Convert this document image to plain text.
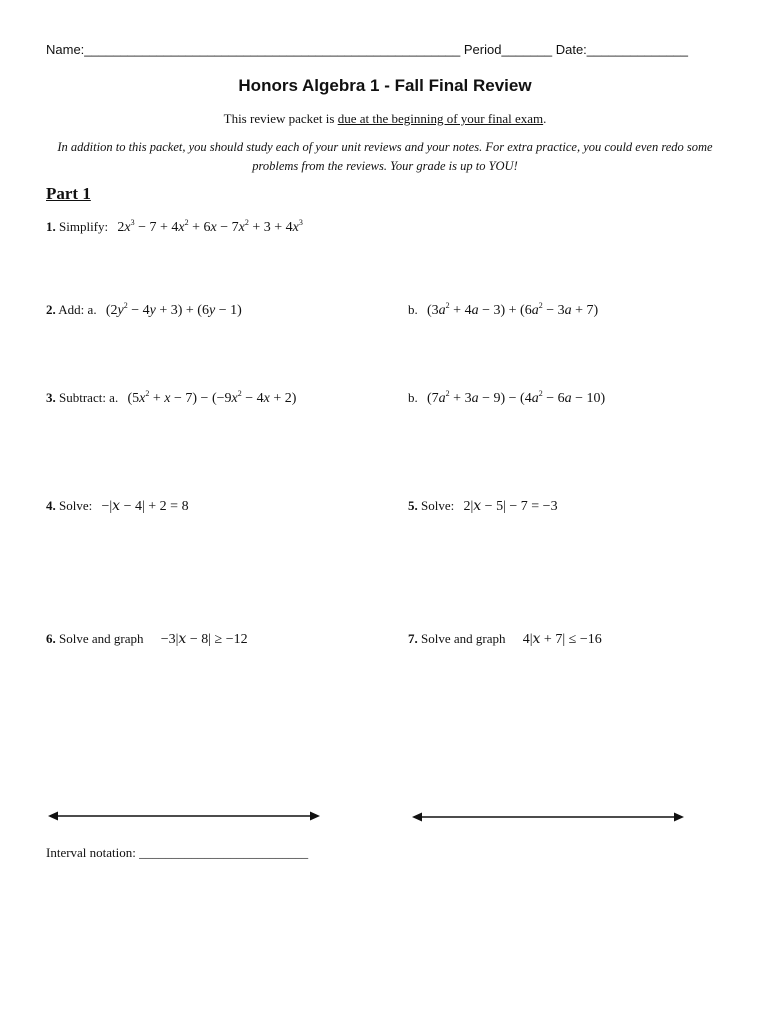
Name:____________________________________________________ Period_______ Date:______________
Honors Algebra 1 - Fall Final Review
This review packet is due at the beginning of your final exam.
In addition to this packet, you should study each of your unit reviews and your notes. For extra practice, you could even redo some problems from the reviews. Your grade is up to YOU!
Part 1
1. Simplify: $2x^3 - 7 + 4x^2 + 6x - 7x^2 + 3 + 4x^3$
2. Add: a. $(2y^2 - 4y + 3) + (6y - 1)$	b. $(3a^2 + 4a - 3) + (6a^2 - 3a + 7)$
3. Subtract: a. $(5x^2 + x - 7) - (-9x^2 - 4x + 2)$	b. $(7a^2 + 3a - 9) - (4a^2 - 6a - 10)$
4. Solve: −|𝑥 − 4| + 2 = 8	5. Solve: 2|𝑥 − 5| − 7 = −3
6. Solve and graph −3|𝑥 − 8| ≥ −12	7. Solve and graph 4|𝑥 + 7| ≤ −16
Interval notation: __________________________
